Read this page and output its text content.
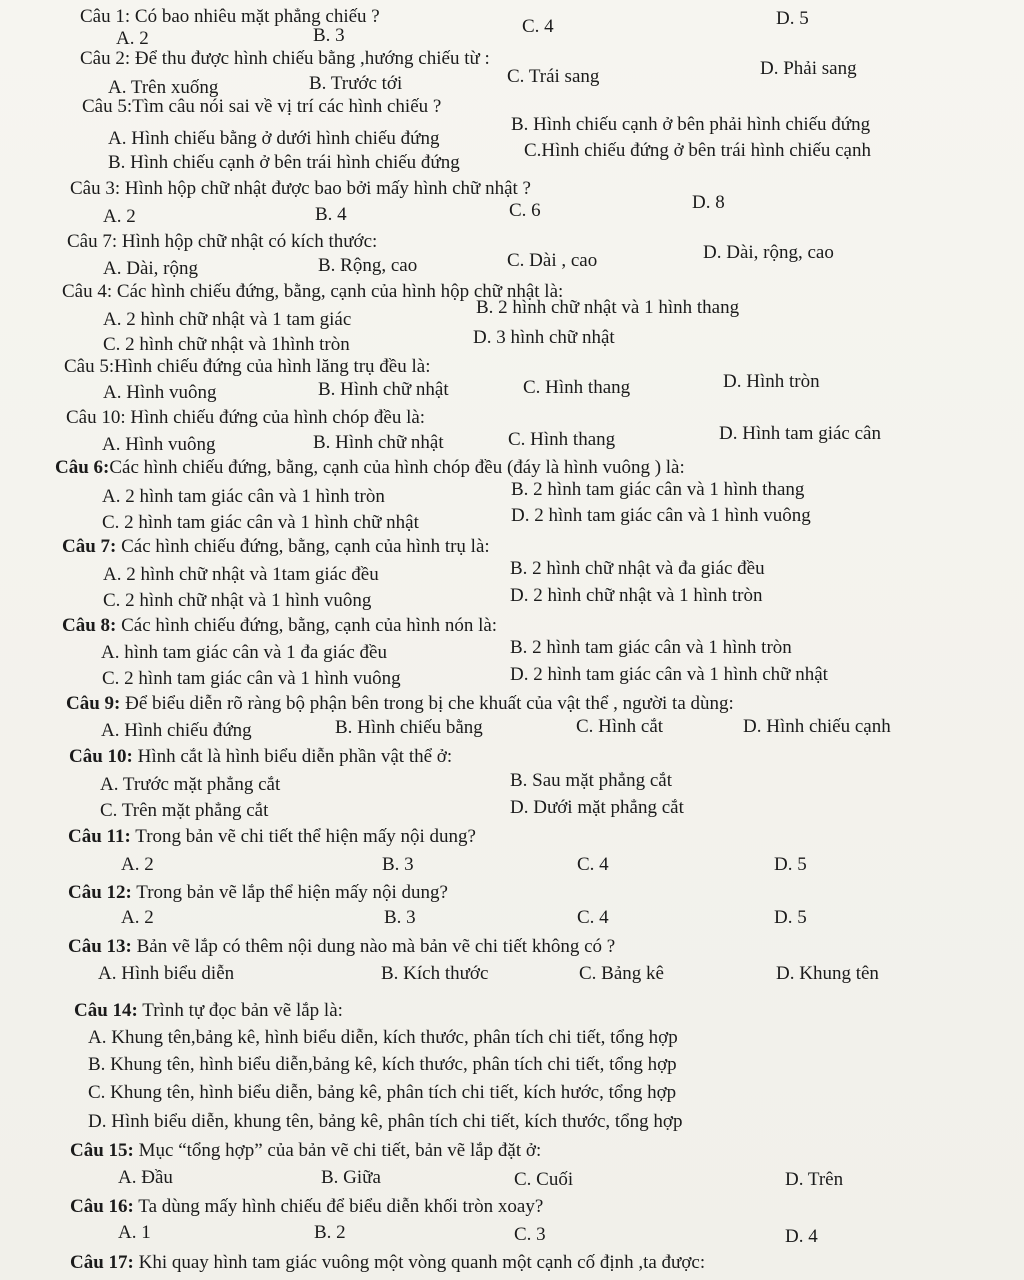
Câu 1: Có bao nhiêu mặt phẳng chiếu ?
A. 2	B. 3	C. 4	D. 5
Câu 2: Để thu được hình chiếu bằng ,hướng chiếu từ :
A. Trên xuống	B. Trước tới	C. Trái sang	D. Phải sang
Câu 5:Tìm câu nói sai về vị trí các hình chiếu ?
A. Hình chiếu bằng ở dưới hình chiếu đứng
B. Hình chiếu cạnh ở bên phải hình chiếu đứng
B. Hình chiếu cạnh ở bên trái hình chiếu đứng
C.Hình chiếu đứng ở bên trái hình chiếu cạnh
Câu 3: Hình hộp chữ nhật được bao bởi mấy hình chữ nhật ?
A. 2	B. 4	C. 6	D. 8
Câu 7: Hình hộp chữ nhật có kích thước:
A. Dài, rộng	B. Rộng, cao	C. Dài , cao	D. Dài, rộng, cao
Câu 4: Các hình chiếu đứng, bằng, cạnh của hình hộp chữ nhật là:
A. 2 hình chữ nhật và 1 tam giác
B. 2 hình chữ nhật và 1 hình thang
C. 2 hình chữ nhật và 1hình tròn	D. 3 hình chữ nhật
Câu 5:Hình chiếu đứng của hình lăng trụ đều là:
A. Hình vuông	B. Hình chữ nhật	C. Hình thang	D. Hình tròn
Câu 10: Hình chiếu đứng của hình chóp đều là:
A. Hình vuông	B. Hình chữ nhật	C. Hình thang	D. Hình tam giác cân
Câu 6:Các hình chiếu đứng, bằng, cạnh của hình chóp đều (đáy là hình vuông ) là:
A. 2 hình tam giác cân và 1 hình tròn	B. 2 hình tam giác cân và 1 hình thang
C. 2 hình tam giác cân và 1 hình chữ nhật	D. 2 hình tam giác cân và 1 hình vuông
Câu 7: Các hình chiếu đứng, bằng, cạnh của hình trụ là:
A. 2 hình chữ nhật và 1tam giác đều	B. 2 hình chữ nhật và đa giác đều
C. 2 hình chữ nhật và 1 hình vuông	D. 2 hình chữ nhật và 1 hình tròn
Câu 8: Các hình chiếu đứng, bằng, cạnh của hình nón là:
A. hình tam giác cân và 1 đa giác đều	B. 2 hình tam giác cân và 1 hình tròn
C. 2 hình tam giác cân và 1 hình vuông	D. 2 hình tam giác cân và 1 hình chữ nhật
Câu 9: Để biểu diễn rõ ràng bộ phận bên trong bị che khuất của vật thể , người ta dùng:
A. Hình chiếu đứng	B. Hình chiếu bằng	C. Hình cắt	D. Hình chiếu cạnh
Câu 10: Hình cắt là hình biểu diễn phần vật thể ở:
A. Trước mặt phẳng cắt	B. Sau mặt phẳng cắt
C. Trên mặt phẳng cắt	D. Dưới mặt phẳng cắt
Câu 11: Trong bản vẽ chi tiết thể hiện mấy nội dung?
A. 2	B. 3	C. 4	D. 5
Câu 12: Trong bản vẽ lắp thể hiện mấy nội dung?
A. 2	B. 3	C. 4	D. 5
Câu 13: Bản vẽ lắp có thêm nội dung nào mà bản vẽ chi tiết không có ?
A. Hình biểu diễn	B. Kích thước	C. Bảng kê	D. Khung tên
Câu 14: Trình tự đọc bản vẽ lắp là:
A. Khung tên,bảng kê, hình biểu diễn, kích thước, phân tích chi tiết, tổng hợp
B. Khung tên, hình biểu diễn,bảng kê, kích thước, phân tích chi tiết, tổng hợp
C. Khung tên, hình biểu diễn, bảng kê, phân tích chi tiết, kích hước, tổng hợp
D. Hình biểu diễn, khung tên, bảng kê, phân tích chi tiết, kích thước, tổng hợp
Câu 15: Mục “tổng hợp” của bản vẽ chi tiết, bản vẽ lắp đặt ở:
A. Đầu	B. Giữa	C. Cuối	D. Trên
Câu 16: Ta dùng mấy hình chiếu để biểu diễn khối tròn xoay?
A. 1	B. 2	C. 3	D. 4
Câu 17: Khi quay hình tam giác vuông một vòng quanh một cạnh cố định ,ta được:
